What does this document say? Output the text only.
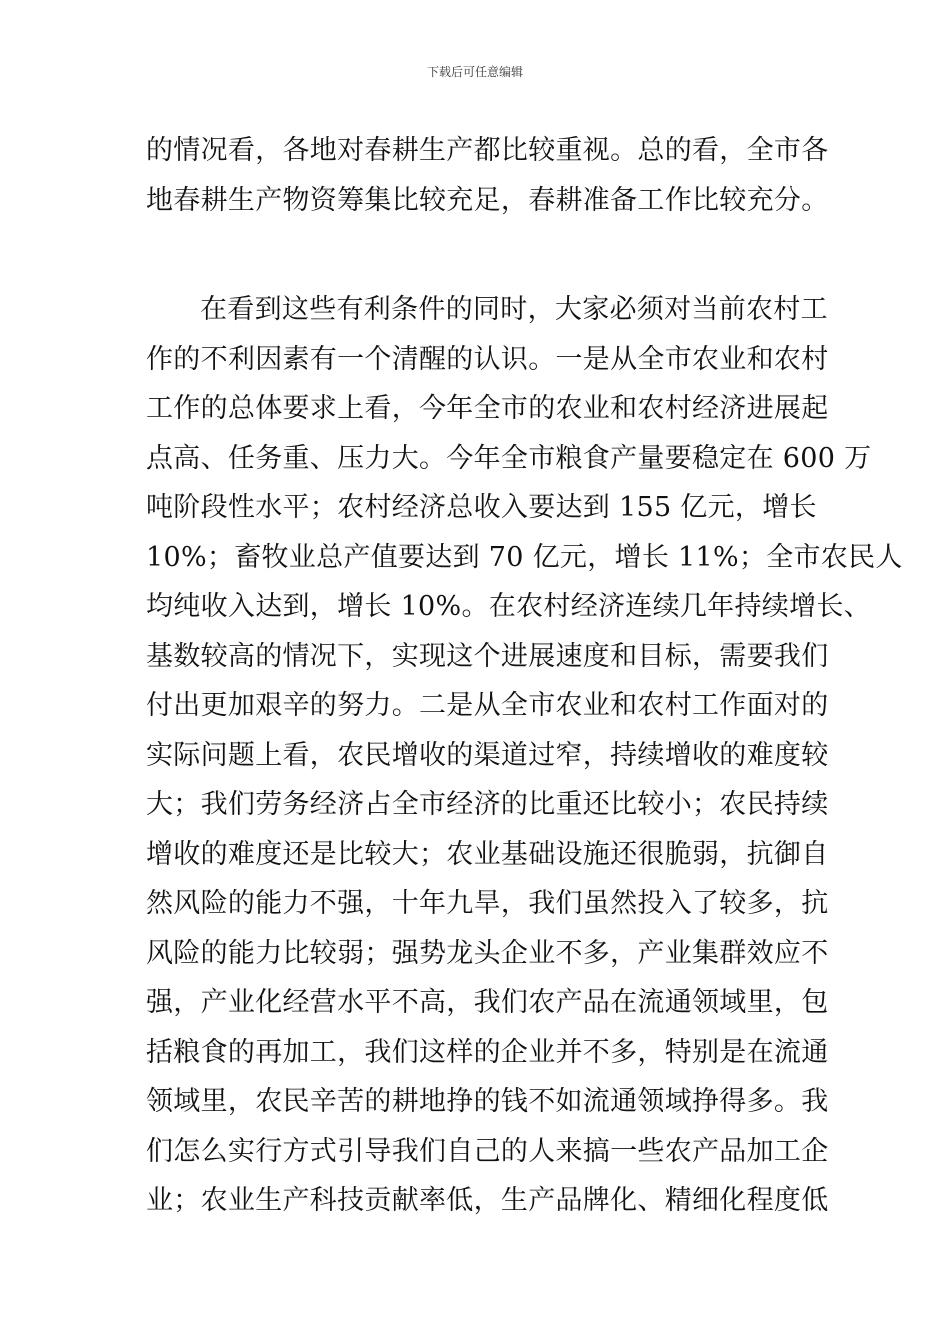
下载后可任意编辑
的情况看，各地对春耕生产都比较重视。总的看，全市各
地春耕生产物资筹集比较充足，春耕准备工作比较充分。
在看到这些有利条件的同时，大家必须对当前农村工
作的不利因素有一个清醒的认识。一是从全市农业和农村
工作的总体要求上看，今年全市的农业和农村经济进展起
点高、任务重、压力大。今年全市粮食产量要稳定在 600 万
吨阶段性水平；农村经济总收入要达到 155 亿元，增长
10%；畜牧业总产值要达到 70 亿元，增长 11%；全市农民人
均纯收入达到，增长 10%。在农村经济连续几年持续增长、
基数较高的情况下，实现这个进展速度和目标，需要我们
付出更加艰辛的努力。二是从全市农业和农村工作面对的
实际问题上看，农民增收的渠道过窄，持续增收的难度较
大；我们劳务经济占全市经济的比重还比较小；农民持续
增收的难度还是比较大；农业基础设施还很脆弱，抗御自
然风险的能力不强，十年九旱，我们虽然投入了较多，抗
风险的能力比较弱；强势龙头企业不多，产业集群效应不
强，产业化经营水平不高，我们农产品在流通领域里，包
括粮食的再加工，我们这样的企业并不多，特别是在流通
领域里，农民辛苦的耕地挣的钱不如流通领域挣得多。我
们怎么实行方式引导我们自己的人来搞一些农产品加工企
业；农业生产科技贡献率低，生产品牌化、精细化程度低
